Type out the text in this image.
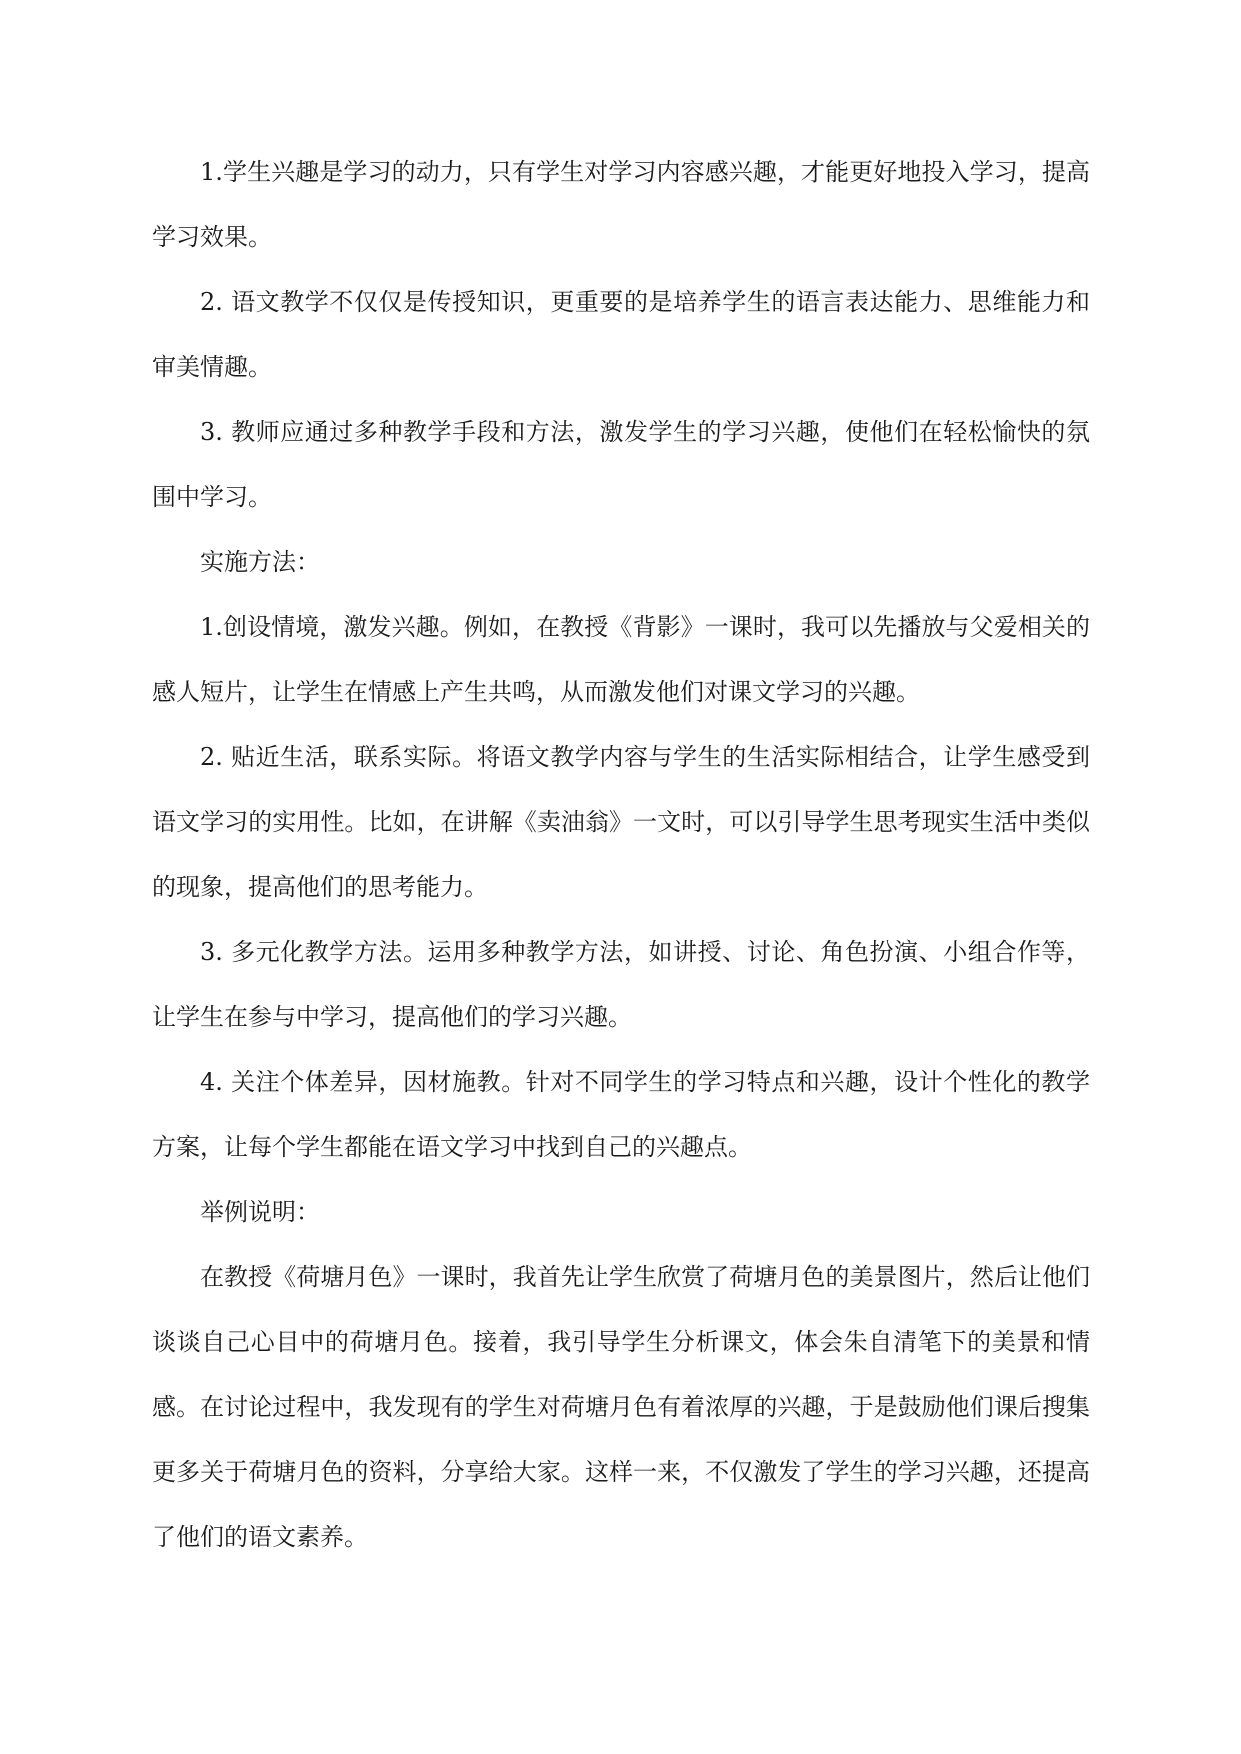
1.学生兴趣是学习的动力，只有学生对学习内容感兴趣，才能更好地投入学习，提高学习效果。

2. 语文教学不仅仅是传授知识，更重要的是培养学生的语言表达能力、思维能力和审美情趣。

3. 教师应通过多种教学手段和方法，激发学生的学习兴趣，使他们在轻松愉快的氛围中学习。

实施方法：

1.创设情境，激发兴趣。例如，在教授《背影》一课时，我可以先播放与父爱相关的感人短片，让学生在情感上产生共鸣，从而激发他们对课文学习的兴趣。

2. 贴近生活，联系实际。将语文教学内容与学生的生活实际相结合，让学生感受到语文学习的实用性。比如，在讲解《卖油翁》一文时，可以引导学生思考现实生活中类似的现象，提高他们的思考能力。

3. 多元化教学方法。运用多种教学方法，如讲授、讨论、角色扮演、小组合作等，让学生在参与中学习，提高他们的学习兴趣。

4. 关注个体差异，因材施教。针对不同学生的学习特点和兴趣，设计个性化的教学方案，让每个学生都能在语文学习中找到自己的兴趣点。

举例说明：

在教授《荷塘月色》一课时，我首先让学生欣赏了荷塘月色的美景图片，然后让他们谈谈自己心目中的荷塘月色。接着，我引导学生分析课文，体会朱自清笔下的美景和情感。在讨论过程中，我发现有的学生对荷塘月色有着浓厚的兴趣，于是鼓励他们课后搜集更多关于荷塘月色的资料，分享给大家。这样一来，不仅激发了学生的学习兴趣，还提高了他们的语文素养。
